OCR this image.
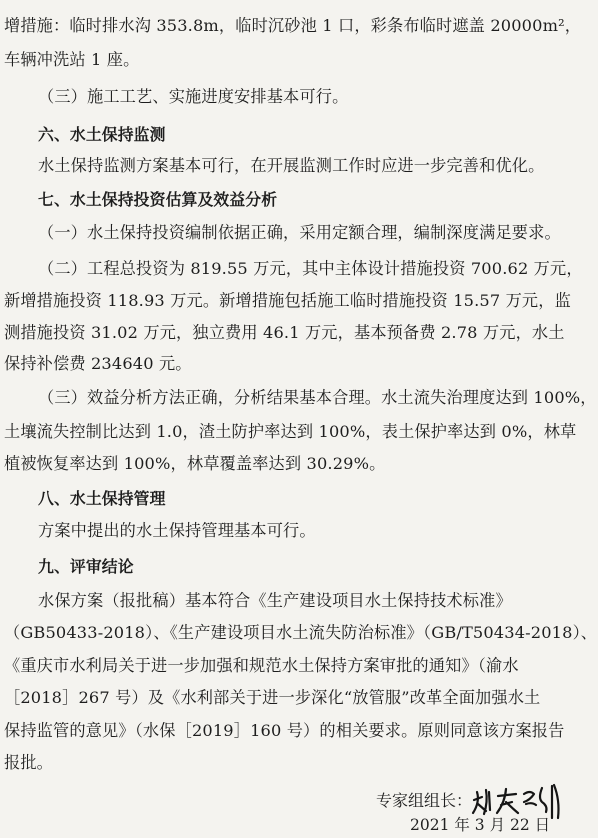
增措施：临时排水沟 353.8m，临时沉砂池 1 口，彩条布临时遮盖 20000m²，
车辆冲洗站 1 座。
（三）施工工艺、实施进度安排基本可行。
六、水土保持监测
水土保持监测方案基本可行，在开展监测工作时应进一步完善和优化。
七、水土保持投资估算及效益分析
（一）水土保持投资编制依据正确，采用定额合理，编制深度满足要求。
（二）工程总投资为 819.55 万元，其中主体设计措施投资 700.62 万元，
新增措施投资 118.93 万元。新增措施包括施工临时措施投资 15.57 万元，监
测措施投资 31.02 万元，独立费用 46.1 万元，基本预备费 2.78 万元，水土
保持补偿费 234640 元。
（三）效益分析方法正确，分析结果基本合理。水土流失治理度达到 100%，
土壤流失控制比达到 1.0，渣土防护率达到 100%，表土保护率达到 0%，林草
植被恢复率达到 100%，林草覆盖率达到 30.29%。
八、水土保持管理
方案中提出的水土保持管理基本可行。
九、评审结论
水保方案（报批稿）基本符合《生产建设项目水土保持技术标准》
（GB50433-2018）、《生产建设项目水土流失防治标准》（GB/T50434-2018）、
《重庆市水利局关于进一步加强和规范水土保持方案审批的通知》（渝水
［2018］267 号）及《水利部关于进一步深化“放管服”改革全面加强水土
保持监管的意见》（水保［2019］160 号）的相关要求。原则同意该方案报告
报批。
专家组组长：
2021 年 3 月 22 日
